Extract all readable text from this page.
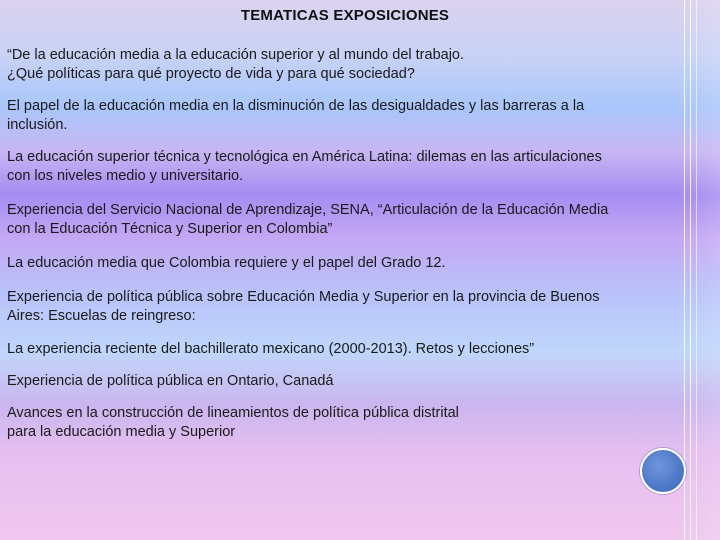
TEMATICAS EXPOSICIONES
“De la educación media a la educación superior y al mundo del trabajo.
¿Qué políticas para qué proyecto de vida y para qué sociedad?
El papel de la educación media en la disminución de las desigualdades y las barreras a la
inclusión.
La educación superior técnica y tecnológica en América Latina: dilemas en las articulaciones
con los niveles medio y universitario.
Experiencia del Servicio Nacional de Aprendizaje, SENA, “Articulación de la Educación Media
con la Educación Técnica y Superior en Colombia”
La educación media que Colombia requiere y el papel del Grado 12.
Experiencia de política pública sobre Educación Media y Superior en la provincia de Buenos
Aires: Escuelas de reingreso:
La experiencia reciente del bachillerato mexicano (2000-2013). Retos y lecciones”
Experiencia de política pública en Ontario, Canadá
Avances en la construcción de lineamientos de política pública distrital
para la educación media y Superior
